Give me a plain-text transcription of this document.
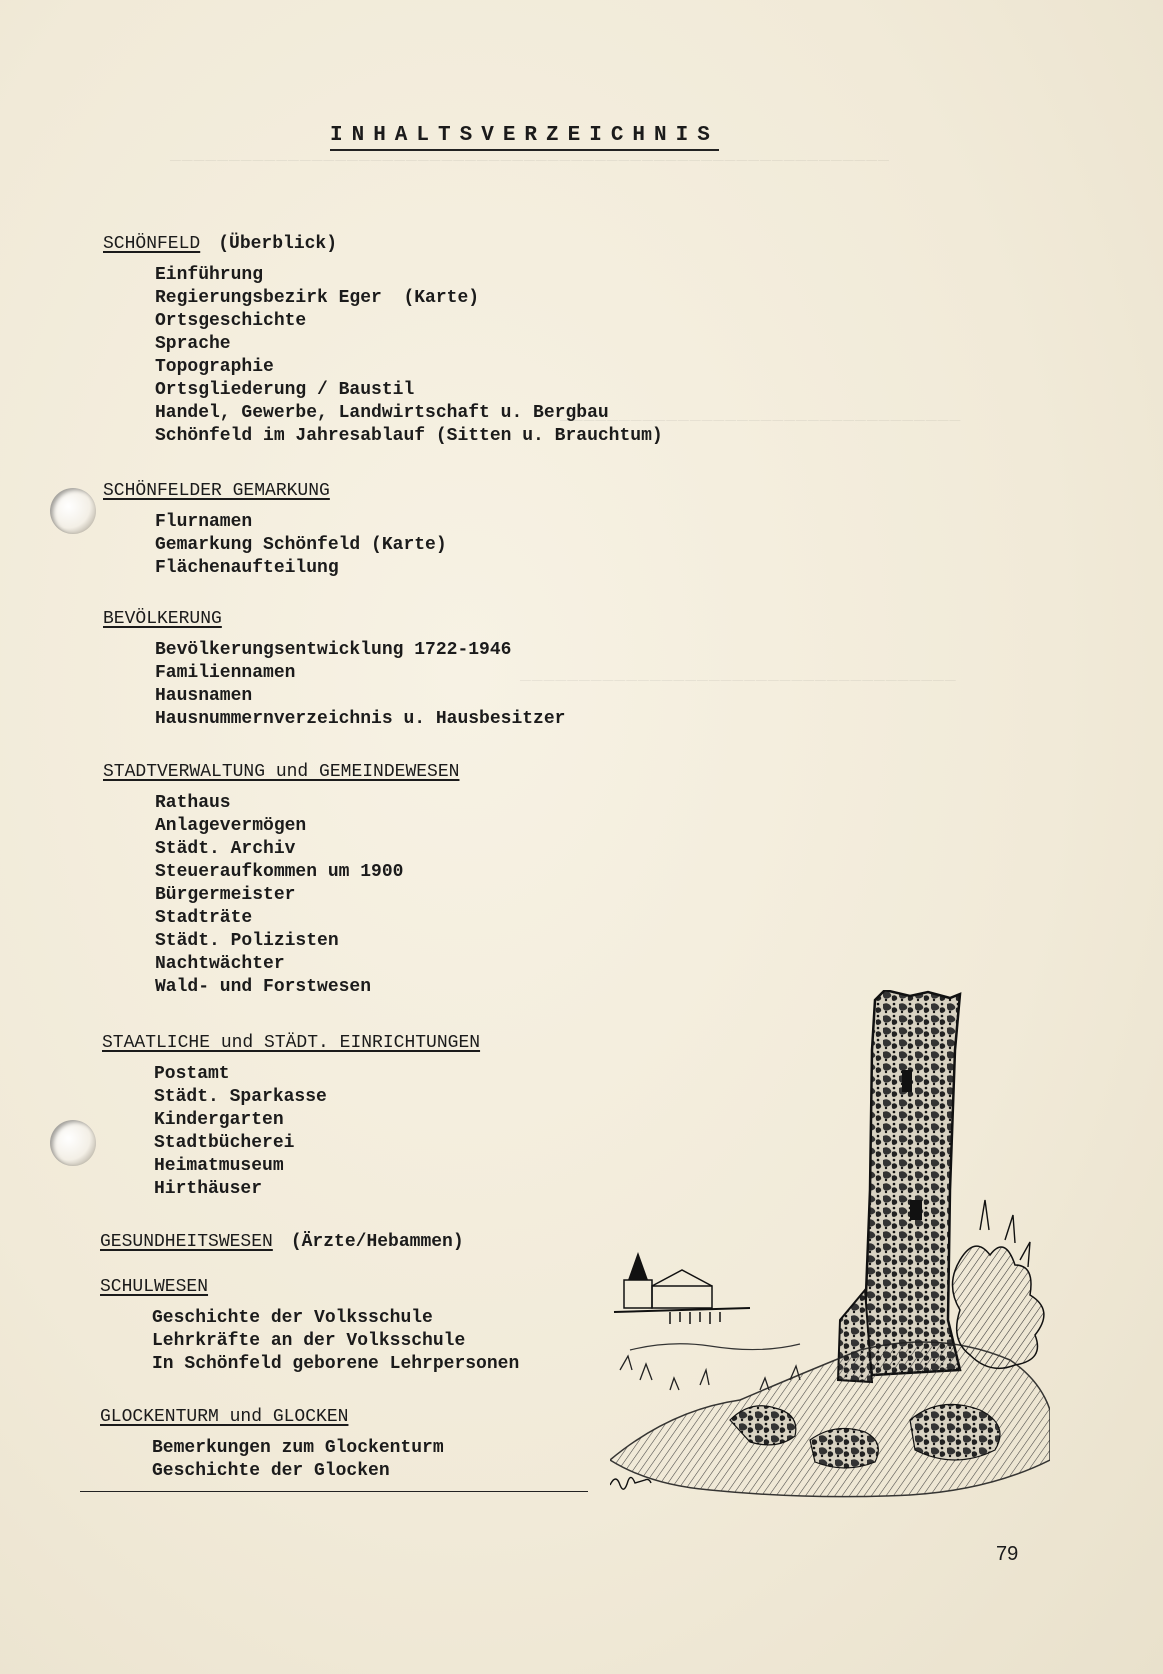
‾‾‾‾‾‾‾‾‾‾‾‾‾‾‾‾‾‾‾‾‾‾‾‾‾‾‾‾‾‾‾‾‾‾‾‾‾‾‾‾‾‾‾‾‾‾‾‾‾‾‾‾‾‾‾‾‾‾‾‾‾
‾‾‾‾‾‾‾‾‾‾‾‾‾‾‾‾‾‾‾‾‾‾‾‾‾‾‾‾‾‾‾‾‾‾
‾‾‾‾‾‾‾‾‾‾‾‾‾‾‾‾‾‾‾‾‾‾‾‾‾‾‾‾‾‾‾‾‾‾‾‾‾
INHALTSVERZEICHNIS
SCHÖNFELD (Überblick)
Einführung
Regierungsbezirk Eger  (Karte)
Ortsgeschichte
Sprache
Topographie
Ortsgliederung / Baustil
Handel, Gewerbe, Landwirtschaft u. Bergbau
Schönfeld im Jahresablauf (Sitten u. Brauchtum)
SCHÖNFELDER GEMARKUNG
Flurnamen
Gemarkung Schönfeld (Karte)
Flächenaufteilung
BEVÖLKERUNG
Bevölkerungsentwicklung 1722-1946
Familiennamen
Hausnamen
Hausnummernverzeichnis u. Hausbesitzer
STADTVERWALTUNG und GEMEINDEWESEN
Rathaus
Anlagevermögen
Städt. Archiv
Steueraufkommen um 1900
Bürgermeister
Stadträte
Städt. Polizisten
Nachtwächter
Wald- und Forstwesen
STAATLICHE und STÄDT. EINRICHTUNGEN
Postamt
Städt. Sparkasse
Kindergarten
Stadtbücherei
Heimatmuseum
Hirthäuser
GESUNDHEITSWESEN (Ärzte/Hebammen)
SCHULWESEN
Geschichte der Volksschule
Lehrkräfte an der Volksschule
In Schönfeld geborene Lehrpersonen
GLOCKENTURM und GLOCKEN
Bemerkungen zum Glockenturm
Geschichte der Glocken
79
